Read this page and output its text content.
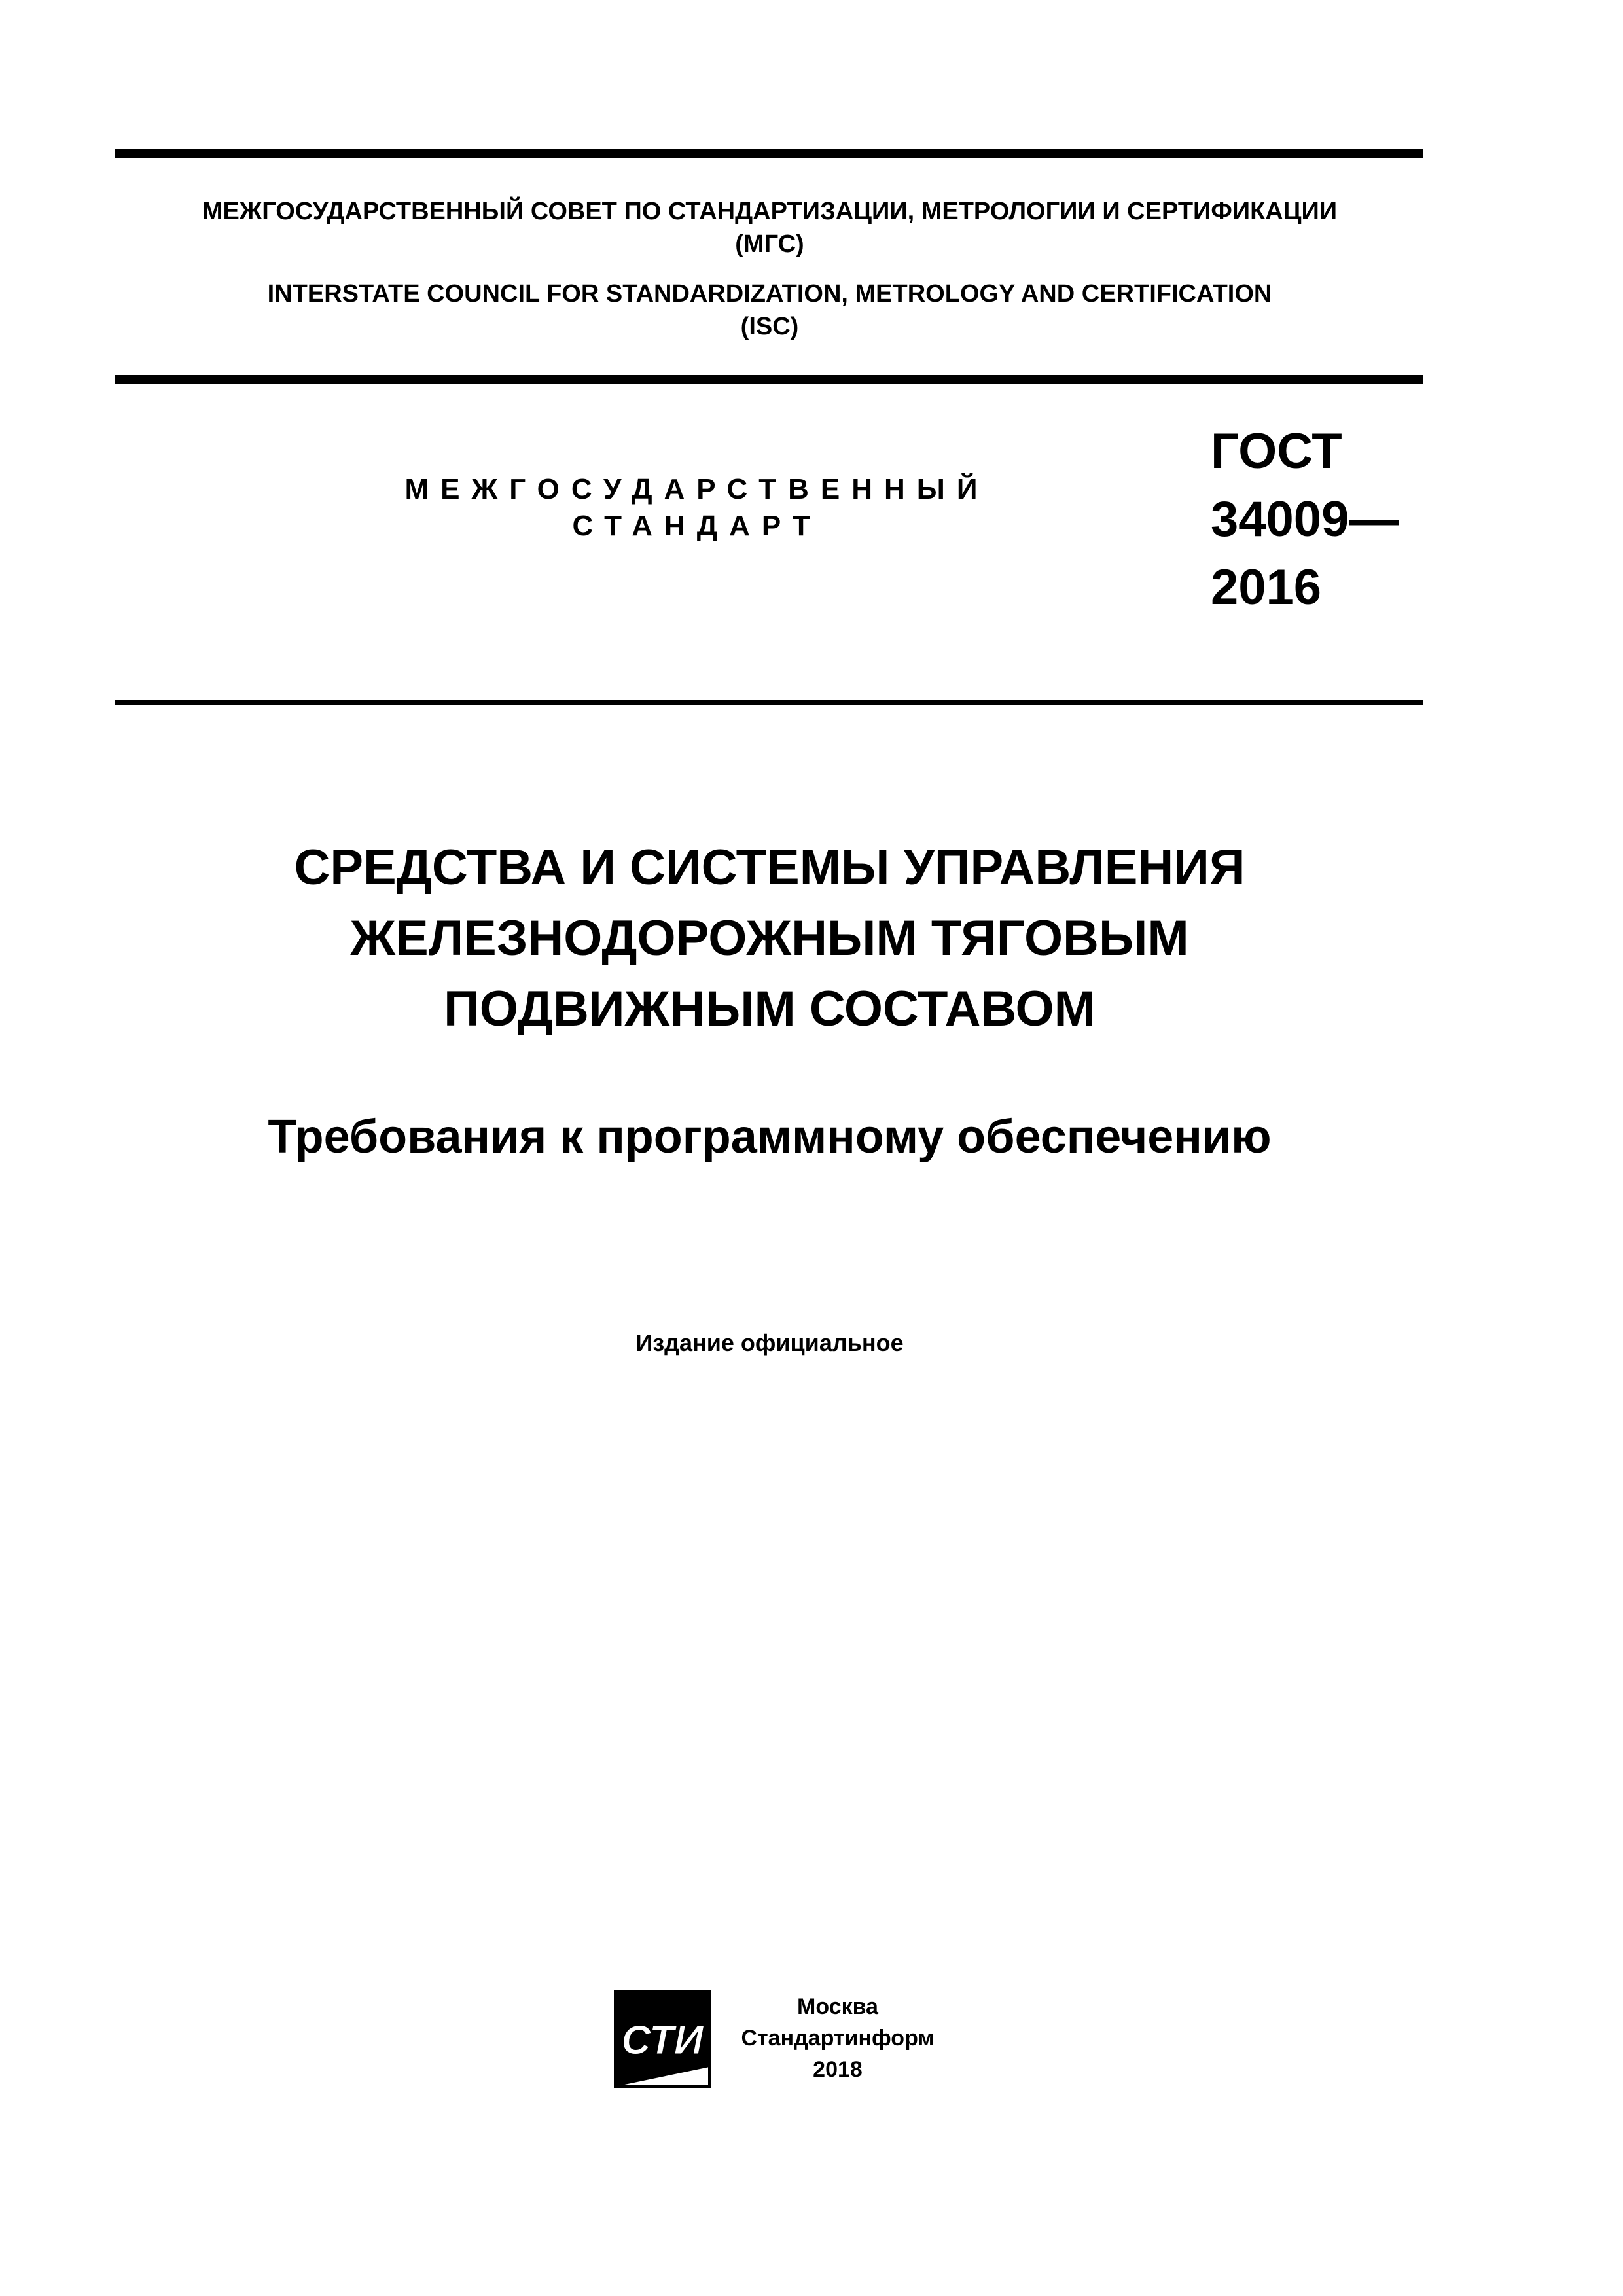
МЕЖГОСУДАРСТВЕННЫЙ СОВЕТ ПО СТАНДАРТИЗАЦИИ, МЕТРОЛОГИИ И СЕРТИФИКАЦИИ
(МГС)
INTERSTATE COUNCIL FOR STANDARDIZATION, METROLOGY AND CERTIFICATION
(ISC)
МЕЖГОСУДАРСТВЕННЫЙ
СТАНДАРТ
ГОСТ
34009—
2016
СРЕДСТВА И СИСТЕМЫ УПРАВЛЕНИЯ
ЖЕЛЕЗНОДОРОЖНЫМ ТЯГОВЫМ
ПОДВИЖНЫМ СОСТАВОМ
Требования к программному обеспечению
Издание официальное
СТИ
Москва
Стандартинформ
2018
